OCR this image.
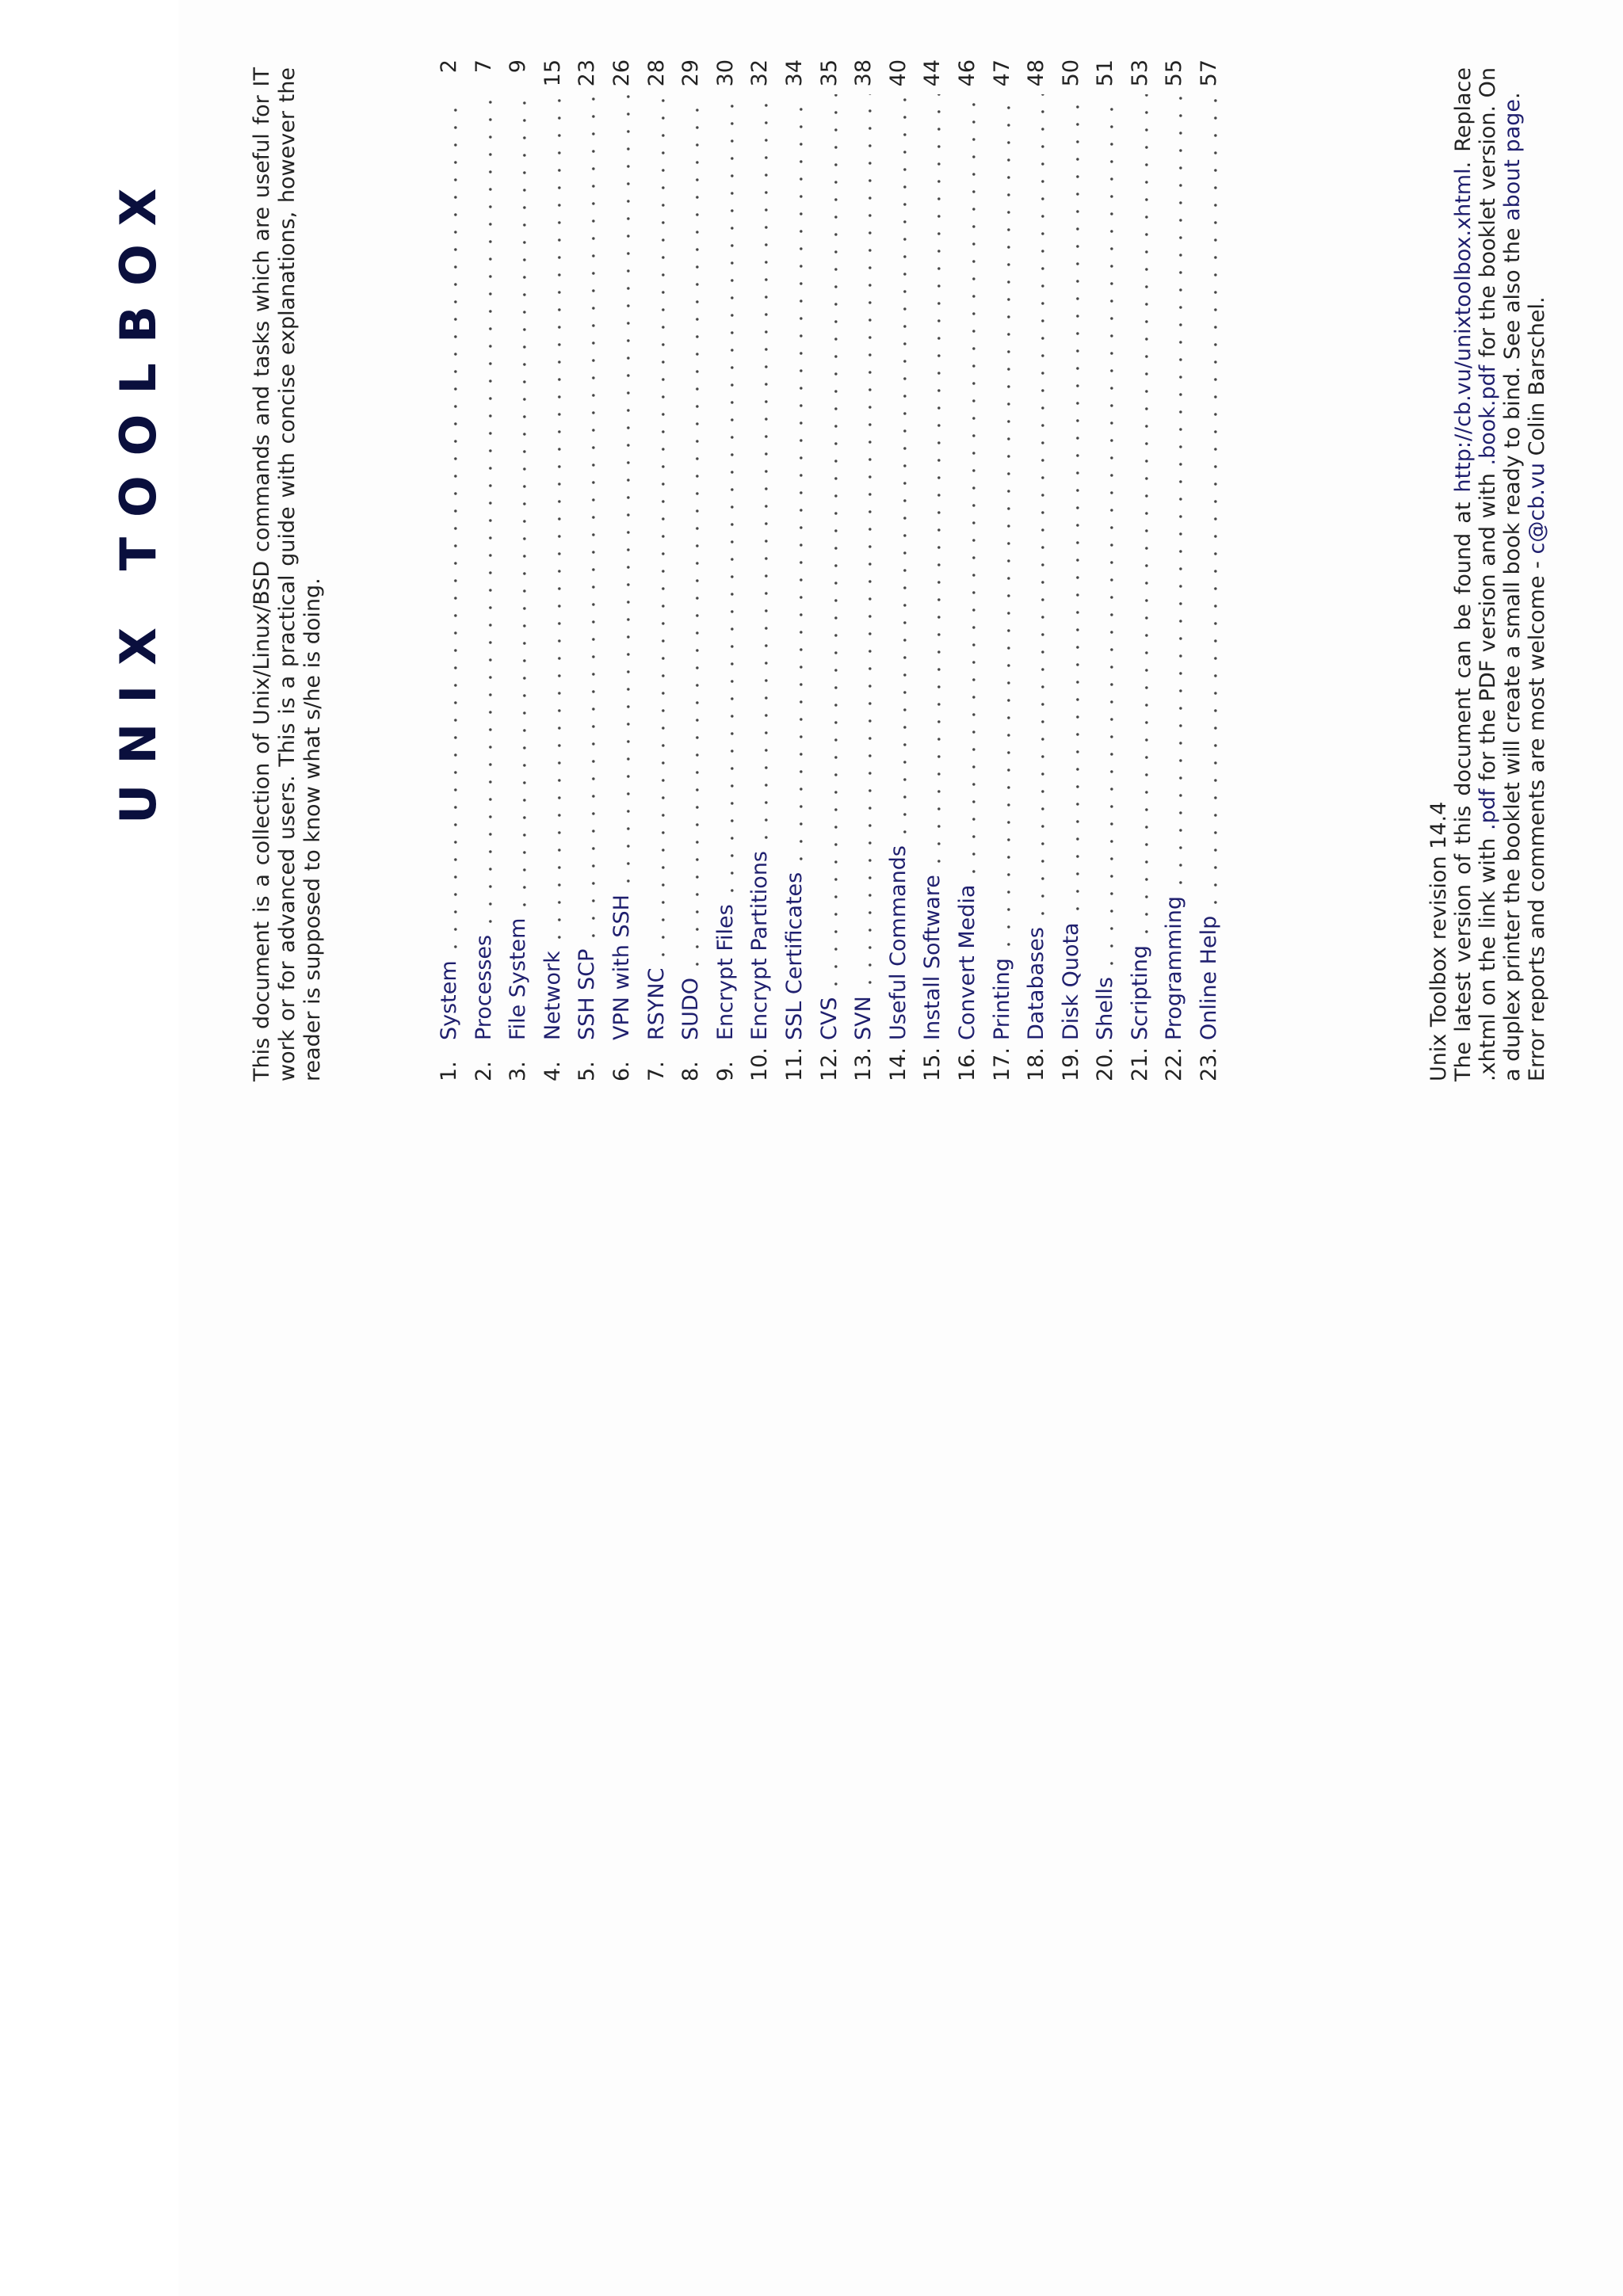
UNIX TOOLBOX	This document is a collection of Unix/Linux/BSD commands and tasks which are useful for IT work or for advanced users. This is a practical guide with concise explanations, however the reader is supposed to know what s/he is doing.	1.
System
2
2.
Processes
7
3.
File System
9
4.
Network
15
5.
SSH SCP
23
6.
VPN with SSH
26
7.
RSYNC
28
8.
SUDO
29
9.
Encrypt Files
30
10.
Encrypt Partitions
32
11.
SSL Certificates
34
12.
CVS
35
13.
SVN
38
14.
Useful Commands
40
15.
Install Software
44
16.
Convert Media
46
17.
Printing
47
18.
Databases
48
19.
Disk Quota
50
20.
Shells
51
21.
Scripting
53
22.
Programming
55
23.
Online Help
57
Unix Toolbox revision 14.4 The latest version of this document can be found at http://cb.vu/unixtoolbox.xhtml. Replace .xhtml on the link with .pdf for the PDF version and with .book.pdf for the booklet version. On a duplex printer the booklet will create a small book ready to bind. See also the about page.
Error reports and comments are most welcome - c@cb.vu Colin Barschel.
